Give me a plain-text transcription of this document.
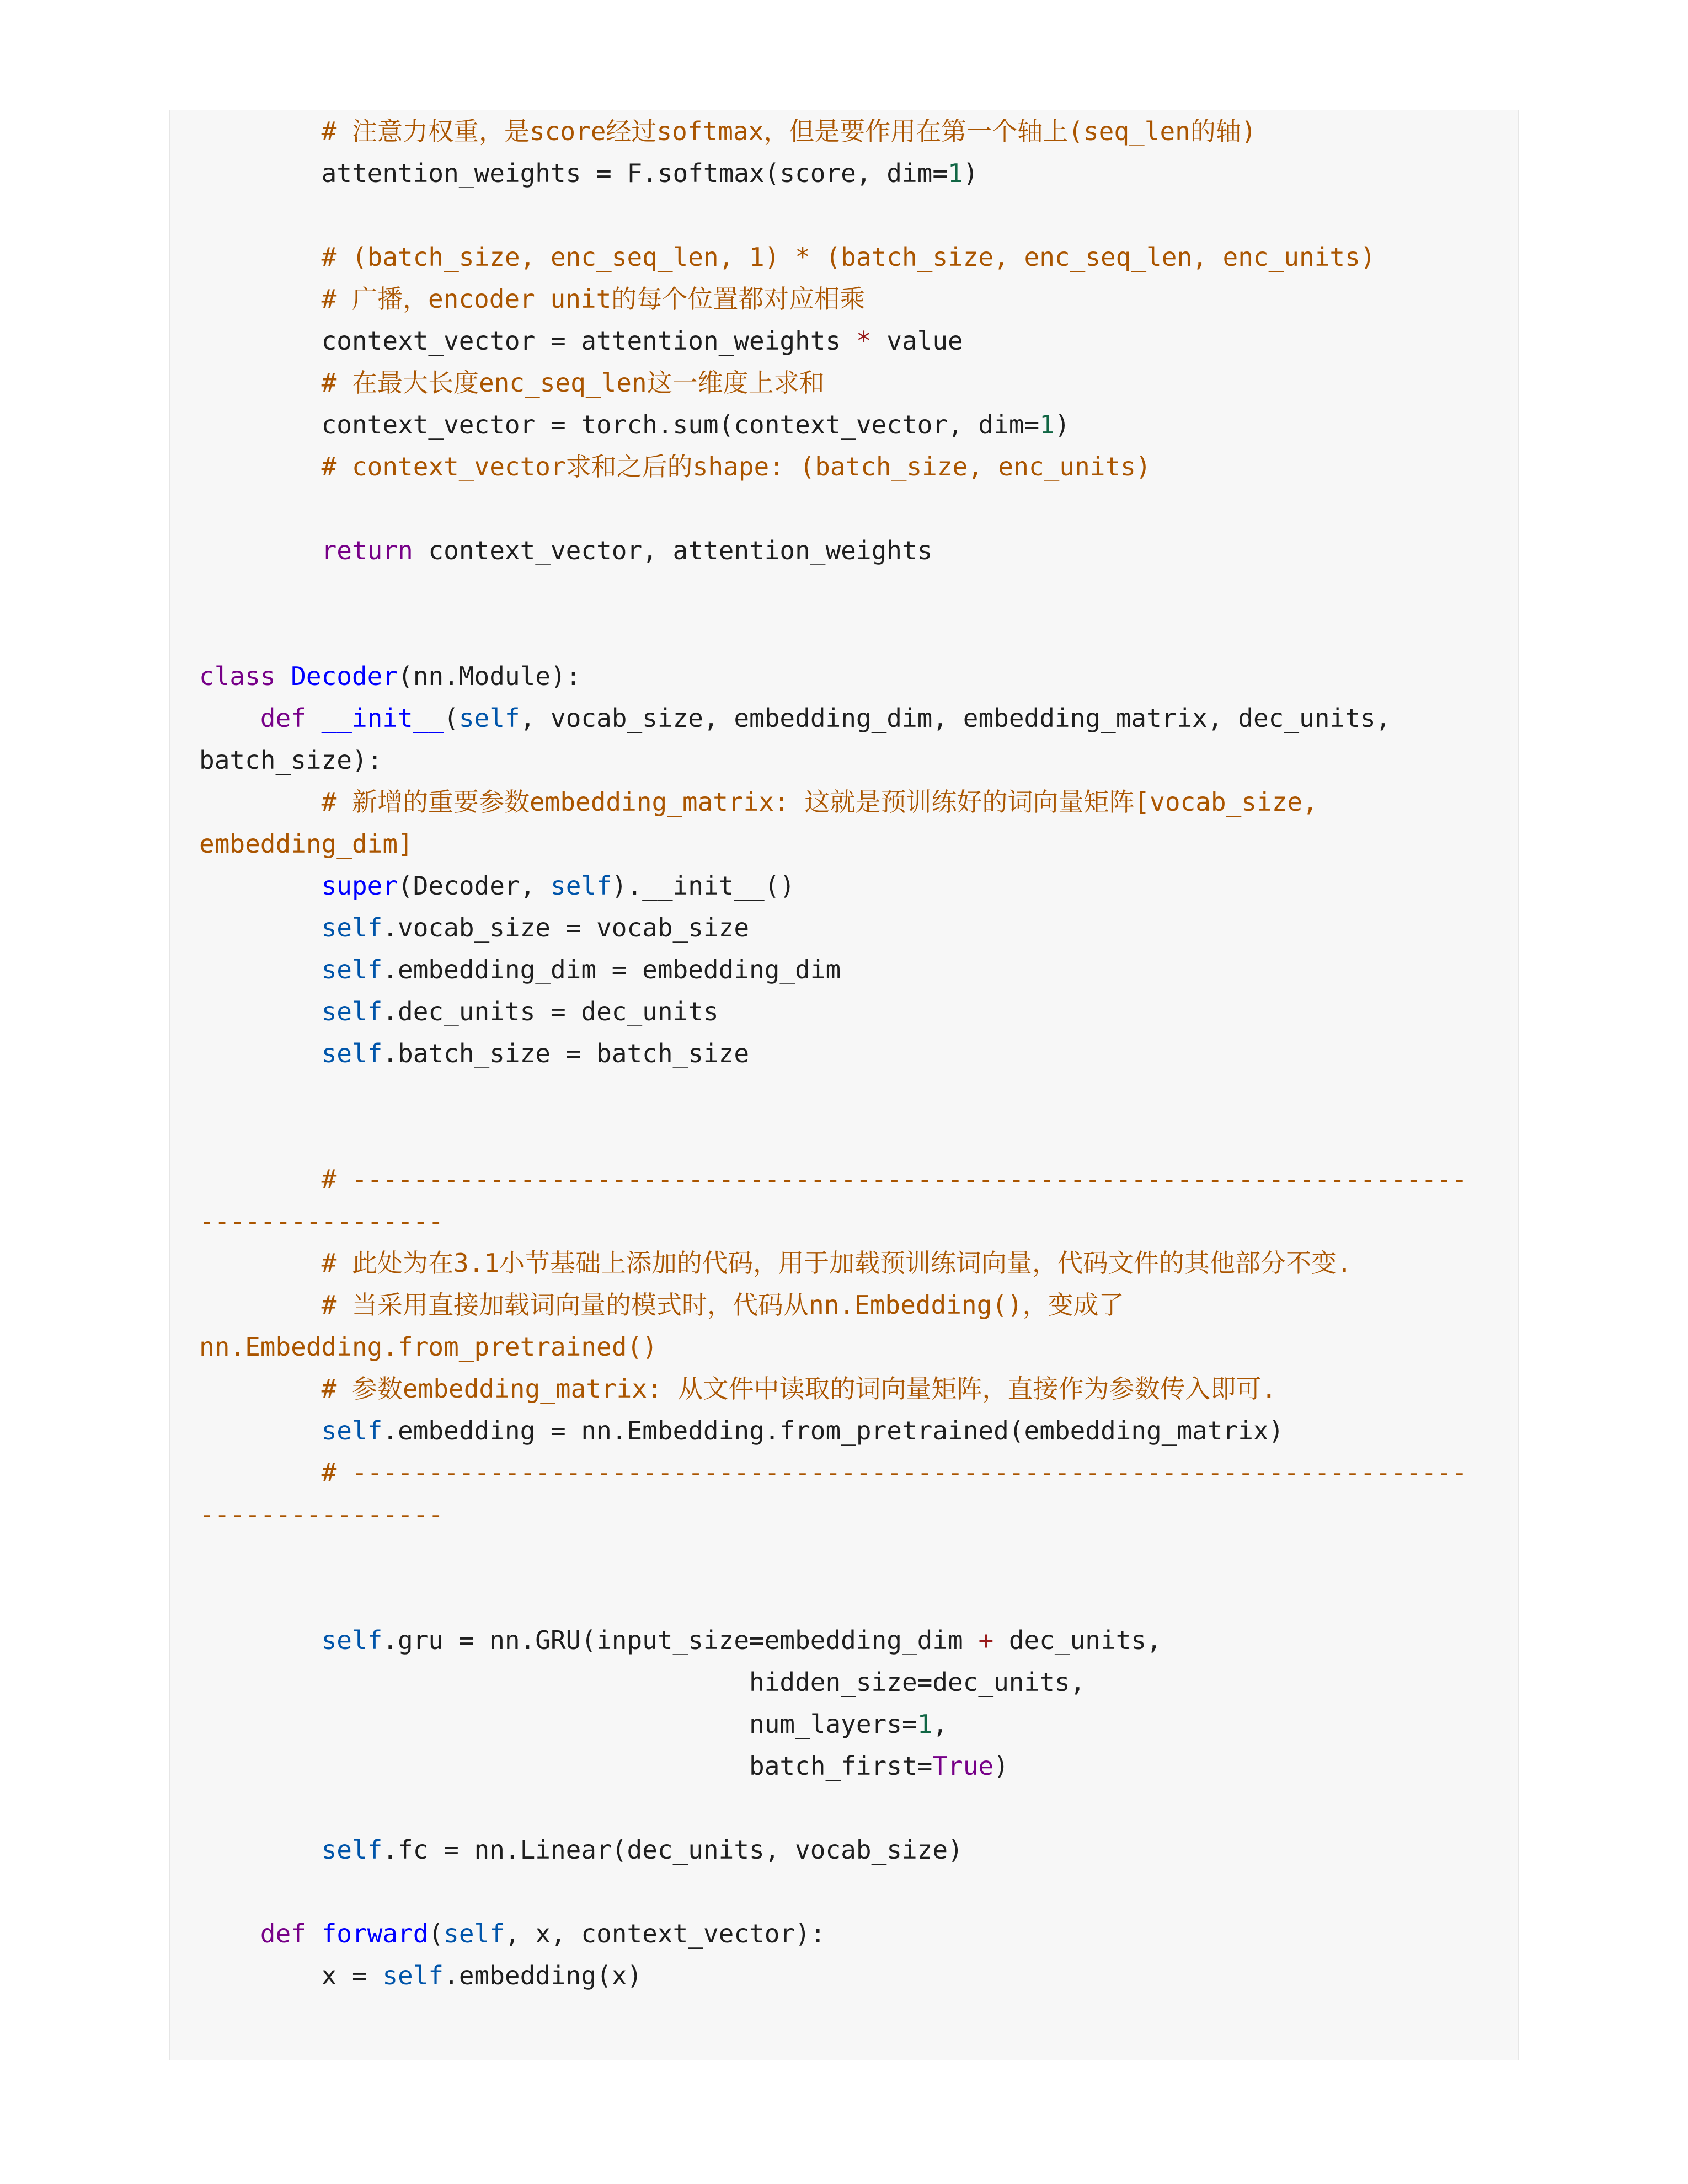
# 注意力权重，是score经过softmax，但是要作用在第一个轴上(seq_len的轴)
attention_weights = F.softmax(score, dim=1)
# (batch_size, enc_seq_len, 1) * (batch_size, enc_seq_len, enc_units)
# 广播，encoder unit的每个位置都对应相乘
context_vector = attention_weights * value
# 在最大长度enc_seq_len这一维度上求和
context_vector = torch.sum(context_vector, dim=1)
# context_vector求和之后的shape: (batch_size, enc_units)
return context_vector, attention_weights
class Decoder(nn.Module):
def __init__(self, vocab_size, embedding_dim, embedding_matrix, dec_units,
batch_size):
# 新增的重要参数embedding_matrix: 这就是预训练好的词向量矩阵[vocab_size,
embedding_dim]
super(Decoder, self).__init__()
self.vocab_size = vocab_size
self.embedding_dim = embedding_dim
self.dec_units = dec_units
self.batch_size = batch_size
# -------------------------------------------------------------------------
----------------
# 此处为在3.1小节基础上添加的代码，用于加载预训练词向量，代码文件的其他部分不变.
# 当采用直接加载词向量的模式时，代码从nn.Embedding()，变成了
nn.Embedding.from_pretrained()
# 参数embedding_matrix: 从文件中读取的词向量矩阵，直接作为参数传入即可.
self.embedding = nn.Embedding.from_pretrained(embedding_matrix)
# -------------------------------------------------------------------------
----------------
self.gru = nn.GRU(input_size=embedding_dim + dec_units,
hidden_size=dec_units,
num_layers=1,
batch_first=True)
self.fc = nn.Linear(dec_units, vocab_size)
def forward(self, x, context_vector):
x = self.embedding(x)
